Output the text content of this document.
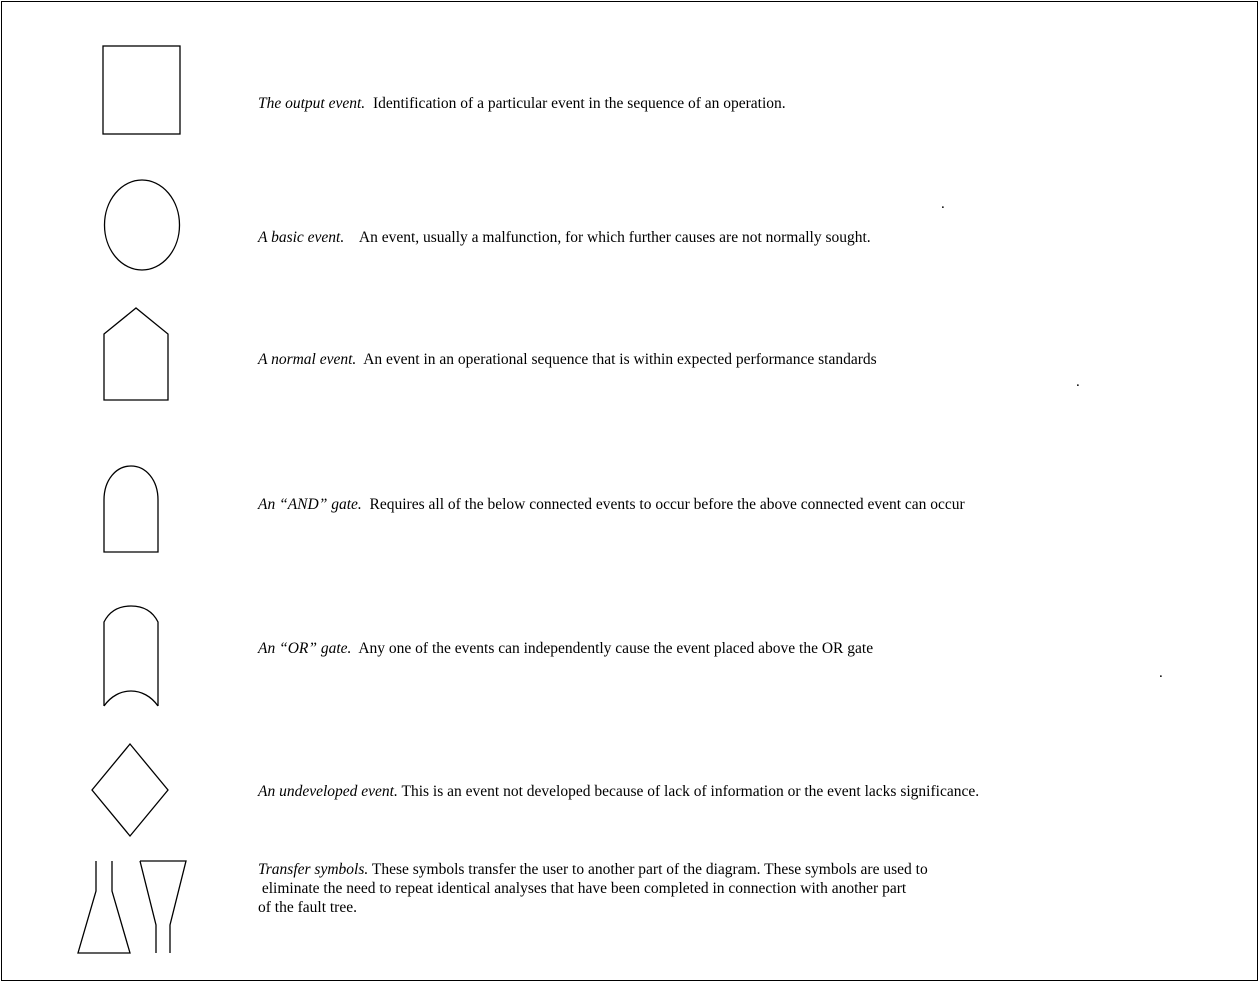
The output event. Identification of a particular event in the sequence of an operation.
.
A basic event. An event, usually a malfunction, for which further causes are not normally sought.
A normal event. An event in an operational sequence that is within expected performance standards
.
An “AND” gate. Requires all of the below connected events to occur before the above connected event can occur
An “OR” gate. Any one of the events can independently cause the event placed above the OR gate
.
An undeveloped event. This is an event not developed because of lack of information or the event lacks significance.
Transfer symbols. These symbols transfer the user to another part of the diagram. These symbols are used to
eliminate the need to repeat identical analyses that have been completed in connection with another part
of the fault tree.
